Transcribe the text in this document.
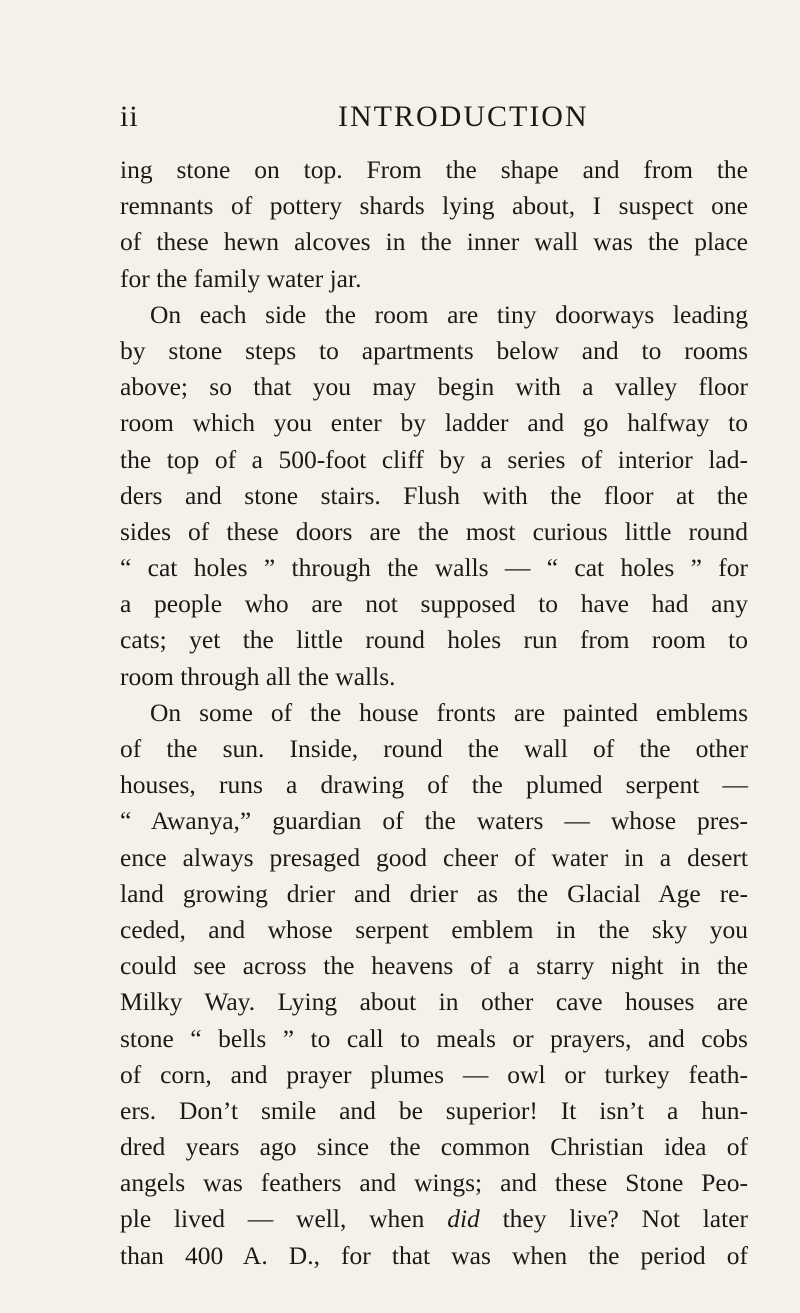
ii	INTRODUCTION
ing stone on top. From the shape and from the
remnants of pottery shards lying about, I suspect one
of these hewn alcoves in the inner wall was the place
for the family water jar.
On each side the room are tiny doorways leading
by stone steps to apartments below and to rooms
above; so that you may begin with a valley floor
room which you enter by ladder and go halfway to
the top of a 500-foot cliff by a series of interior lad-
ders and stone stairs. Flush with the floor at the
sides of these doors are the most curious little round
“ cat holes ” through the walls — “ cat holes ” for
a people who are not supposed to have had any
cats; yet the little round holes run from room to
room through all the walls.
On some of the house fronts are painted emblems
of the sun. Inside, round the wall of the other
houses, runs a drawing of the plumed serpent —
“ Awanya,” guardian of the waters — whose pres-
ence always presaged good cheer of water in a desert
land growing drier and drier as the Glacial Age re-
ceded, and whose serpent emblem in the sky you
could see across the heavens of a starry night in the
Milky Way. Lying about in other cave houses are
stone “ bells ” to call to meals or prayers, and cobs
of corn, and prayer plumes — owl or turkey feath-
ers. Don’t smile and be superior! It isn’t a hun-
dred years ago since the common Christian idea of
angels was feathers and wings; and these Stone Peo-
ple lived — well, when did they live? Not later
than 400 A. D., for that was when the period of
